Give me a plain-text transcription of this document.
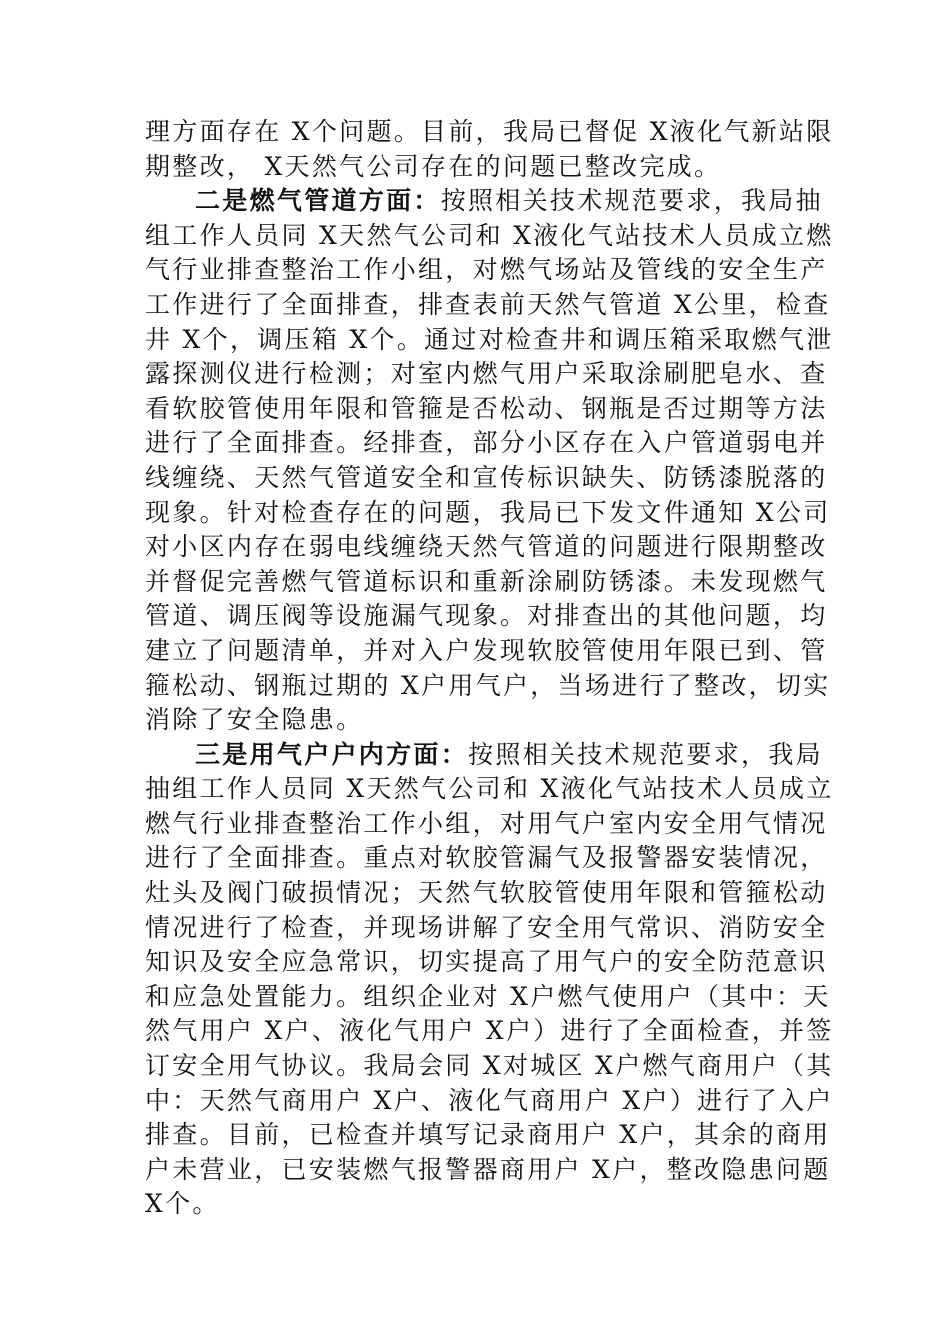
理方面存在 X个问题。目前，我局已督促 X液化气新站限
期整改， X天然气公司存在的问题已整改完成。
二是燃气管道方面：按照相关技术规范要求，我局抽
组工作人员同 X天然气公司和 X液化气站技术人员成立燃
气行业排查整治工作小组，对燃气场站及管线的安全生产
工作进行了全面排查，排查表前天然气管道 X公里，检查
井 X个，调压箱 X个。通过对检查井和调压箱采取燃气泄
露探测仪进行检测；对室内燃气用户采取涂刷肥皂水、查
看软胶管使用年限和管箍是否松动、钢瓶是否过期等方法
进行了全面排查。经排查，部分小区存在入户管道弱电并
线缠绕、天然气管道安全和宣传标识缺失、防锈漆脱落的
现象。针对检查存在的问题，我局已下发文件通知 X公司
对小区内存在弱电线缠绕天然气管道的问题进行限期整改
并督促完善燃气管道标识和重新涂刷防锈漆。未发现燃气
管道、调压阀等设施漏气现象。对排查出的其他问题，均
建立了问题清单，并对入户发现软胶管使用年限已到、管
箍松动、钢瓶过期的 X户用气户，当场进行了整改，切实
消除了安全隐患。
三是用气户户内方面：按照相关技术规范要求，我局
抽组工作人员同 X天然气公司和 X液化气站技术人员成立
燃气行业排查整治工作小组，对用气户室内安全用气情况
进行了全面排查。重点对软胶管漏气及报警器安装情况，
灶头及阀门破损情况；天然气软胶管使用年限和管箍松动
情况进行了检查，并现场讲解了安全用气常识、消防安全
知识及安全应急常识，切实提高了用气户的安全防范意识
和应急处置能力。组织企业对 X户燃气使用户（其中：天
然气用户 X户、液化气用户 X户）进行了全面检查，并签
订安全用气协议。我局会同 X对城区 X户燃气商用户（其
中：天然气商用户 X户、液化气商用户 X户）进行了入户
排查。目前，已检查并填写记录商用户 X户，其余的商用
户未营业，已安装燃气报警器商用户 X户，整改隐患问题
X个。
